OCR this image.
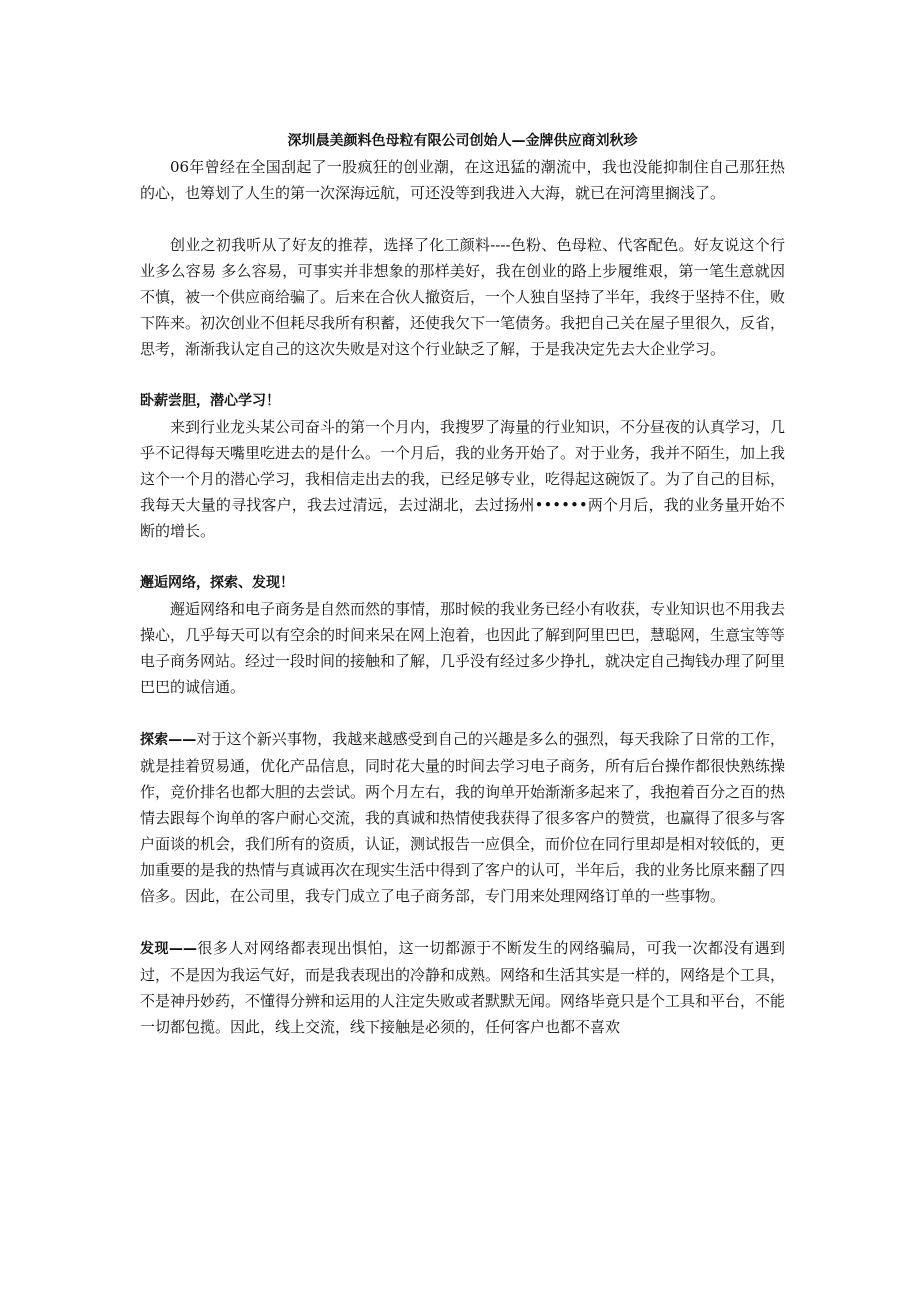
深圳晨美颜料色母粒有限公司创始人—金牌供应商刘秋珍

06年曾经在全国刮起了一股疯狂的创业潮，在这迅猛的潮流中，我也没能抑制住自己那狂热的心，也筹划了人生的第一次深海远航，可还没等到我进入大海，就已在河湾里搁浅了。

创业之初我听从了好友的推荐，选择了化工颜料----色粉、色母粒、代客配色。好友说这个行业多么容易 多么容易，可事实并非想象的那样美好，我在创业的路上步履维艰，第一笔生意就因不慎，被一个供应商给骗了。后来在合伙人撤资后，一个人独自坚持了半年，我终于坚持不住，败下阵来。初次创业不但耗尽我所有积蓄，还使我欠下一笔债务。我把自己关在屋子里很久，反省，思考，渐渐我认定自己的这次失败是对这个行业缺乏了解，于是我决定先去大企业学习。

卧薪尝胆，潜心学习！

来到行业龙头某公司奋斗的第一个月内，我搜罗了海量的行业知识，不分昼夜的认真学习，几乎不记得每天嘴里吃进去的是什么。一个月后，我的业务开始了。对于业务，我并不陌生，加上我这个一个月的潜心学习，我相信走出去的我，已经足够专业，吃得起这碗饭了。为了自己的目标，我每天大量的寻找客户，我去过清远，去过湖北，去过扬州••••••两个月后，我的业务量开始不断的增长。

邂逅网络，探索、发现！

邂逅网络和电子商务是自然而然的事情，那时候的我业务已经小有收获，专业知识也不用我去操心，几乎每天可以有空余的时间来呆在网上泡着，也因此了解到阿里巴巴，慧聪网，生意宝等等电子商务网站。经过一段时间的接触和了解，几乎没有经过多少挣扎，就决定自己掏钱办理了阿里巴巴的诚信通。

探索——对于这个新兴事物，我越来越感受到自己的兴趣是多么的强烈，每天我除了日常的工作，就是挂着贸易通，优化产品信息，同时花大量的时间去学习电子商务，所有后台操作都很快熟练操作，竞价排名也都大胆的去尝试。两个月左右，我的询单开始渐渐多起来了，我抱着百分之百的热情去跟每个询单的客户耐心交流，我的真诚和热情使我获得了很多客户的赞赏，也赢得了很多与客户面谈的机会，我们所有的资质，认证，测试报告一应俱全，而价位在同行里却是相对较低的，更加重要的是我的热情与真诚再次在现实生活中得到了客户的认可，半年后，我的业务比原来翻了四倍多。因此，在公司里，我专门成立了电子商务部，专门用来处理网络订单的一些事物。

发现——很多人对网络都表现出惧怕，这一切都源于不断发生的网络骗局，可我一次都没有遇到过，不是因为我运气好，而是我表现出的冷静和成熟。网络和生活其实是一样的，网络是个工具，不是神丹妙药，不懂得分辨和运用的人注定失败或者默默无闻。网络毕竟只是个工具和平台，不能一切都包揽。因此，线上交流，线下接触是必须的，任何客户也都不喜欢
